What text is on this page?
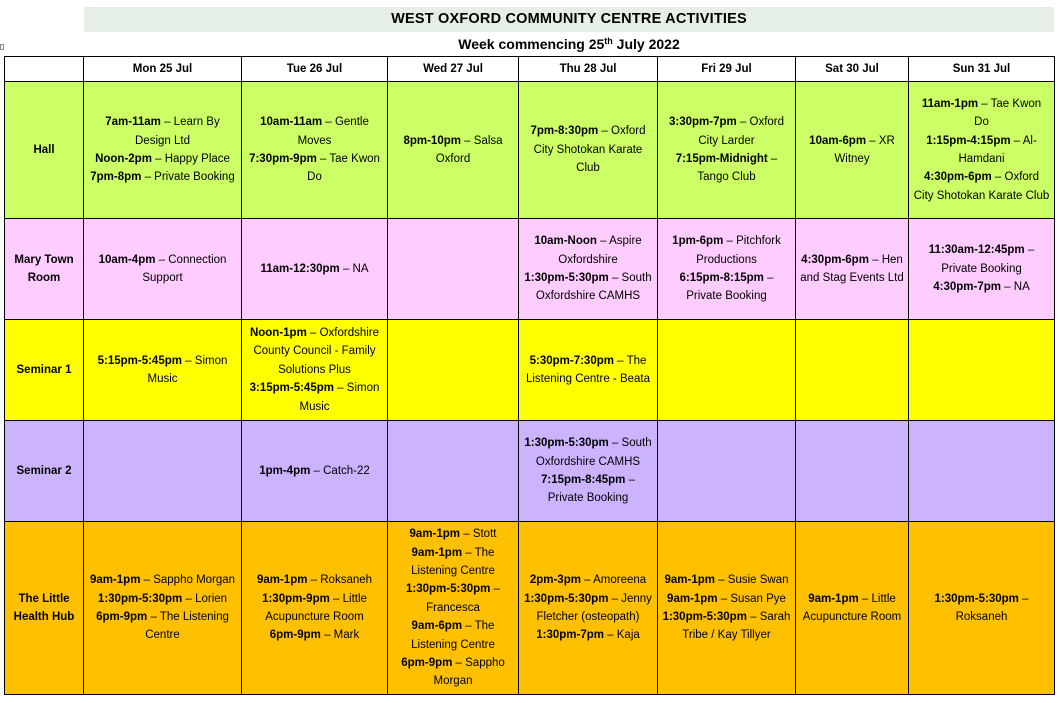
WEST OXFORD COMMUNITY CENTRE ACTIVITIES
Week commencing 25th July 2022
	Mon 25 Jul	Tue 26 Jul	Wed 27 Jul	Thu 28 Jul	Fri 29 Jul	Sat 30 Jul	Sun 31 Jul
Hall	7am-11am – Learn By Design Ltd
Noon-2pm – Happy Place
7pm-8pm – Private Booking	10am-11am – Gentle Moves
7:30pm-9pm – Tae Kwon Do	8pm-10pm – Salsa Oxford	7pm-8:30pm – Oxford City Shotokan Karate Club	3:30pm-7pm – Oxford City Larder
7:15pm-Midnight – Tango Club	10am-6pm – XR Witney	11am-1pm – Tae Kwon Do
1:15pm-4:15pm – Al-Hamdani
4:30pm-6pm – Oxford City Shotokan Karate Club

Mary Town Room	10am-4pm – Connection Support	11am-12:30pm – NA		10am-Noon – Aspire Oxfordshire
1:30pm-5:30pm – South Oxfordshire CAMHS	1pm-6pm – Pitchfork Productions
6:15pm-8:15pm – Private Booking	4:30pm-6pm – Hen and Stag Events Ltd	11:30am-12:45pm – Private Booking
4:30pm-7pm – NA

Seminar 1	5:15pm-5:45pm – Simon Music	Noon-1pm – Oxfordshire County Council - Family Solutions Plus
3:15pm-5:45pm – Simon Music		5:30pm-7:30pm – The Listening Centre - Beata			

Seminar 2		1pm-4pm – Catch-22		1:30pm-5:30pm – South Oxfordshire CAMHS
7:15pm-8:45pm – Private Booking			

The Little Health Hub	9am-1pm – Sappho Morgan
1:30pm-5:30pm – Lorien
6pm-9pm – The Listening Centre	9am-1pm – Roksaneh
1:30pm-9pm – Little Acupuncture Room
6pm-9pm – Mark	9am-1pm – Stott
9am-1pm – The Listening Centre
1:30pm-5:30pm – Francesca
9am-6pm – The Listening Centre
6pm-9pm – Sappho Morgan	2pm-3pm – Amoreena
1:30pm-5:30pm – Jenny Fletcher (osteopath)
1:30pm-7pm – Kaja	9am-1pm – Susie Swan
9am-1pm – Susan Pye
1:30pm-5:30pm – Sarah Tribe / Kay Tillyer	9am-1pm – Little Acupuncture Room	1:30pm-5:30pm – Roksaneh
